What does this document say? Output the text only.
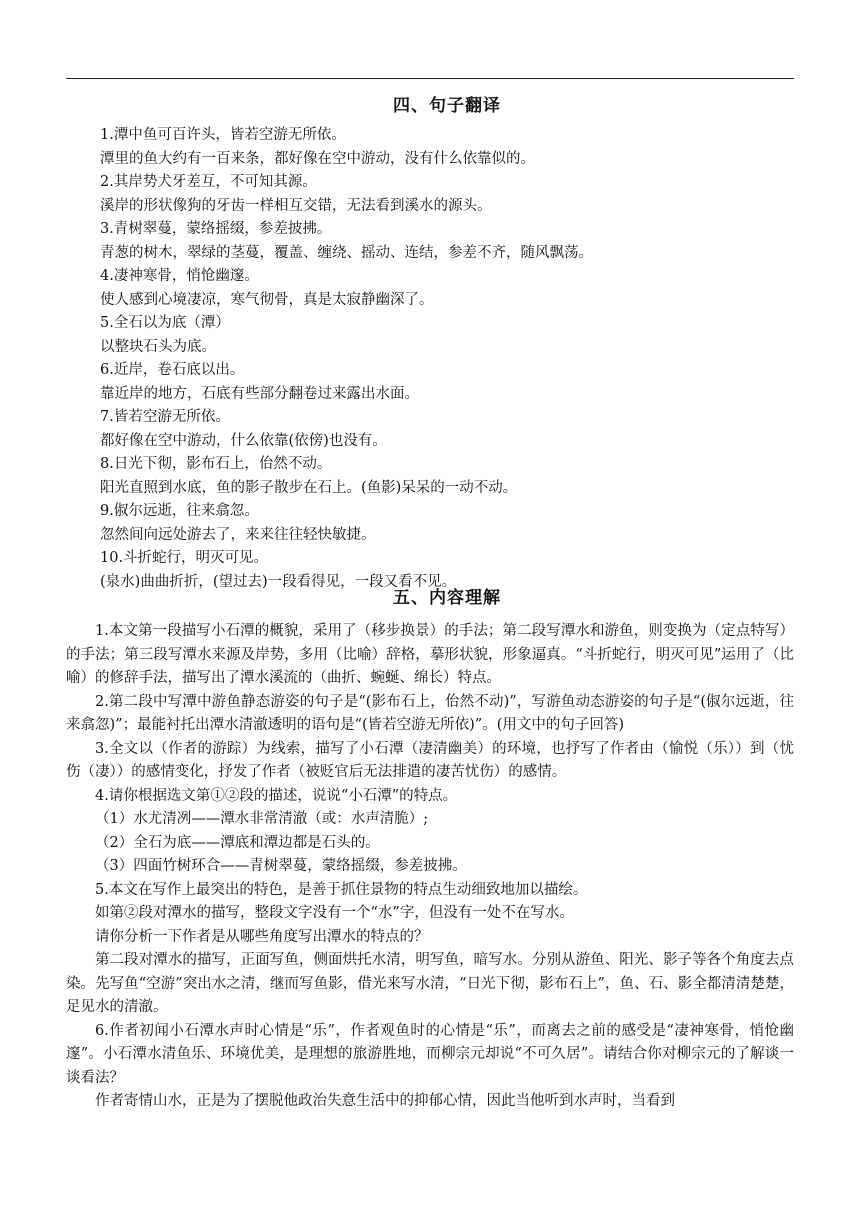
四、句子翻译

1.潭中鱼可百许头，皆若空游无所依。

潭里的鱼大约有一百来条，都好像在空中游动，没有什么依靠似的。

2.其岸势犬牙差互，不可知其源。

溪岸的形状像狗的牙齿一样相互交错，无法看到溪水的源头。

3.青树翠蔓，蒙络摇缀，参差披拂。

青葱的树木，翠绿的茎蔓，覆盖、缠绕、摇动、连结，参差不齐，随风飘荡。

4.凄神寒骨，悄怆幽邃。

使人感到心境凄凉，寒气彻骨，真是太寂静幽深了。

5.全石以为底（潭）

以整块石头为底。

6.近岸，卷石底以出。

靠近岸的地方，石底有些部分翻卷过来露出水面。

7.皆若空游无所依。

都好像在空中游动，什么依靠(依傍)也没有。

8.日光下彻，影布石上，佁然不动。

阳光直照到水底，鱼的影子散步在石上。(鱼影)呆呆的一动不动。

9.俶尔远逝，往来翕忽。

忽然间向远处游去了，来来往往轻快敏捷。

10.斗折蛇行，明灭可见。

(泉水)曲曲折折，(望过去)一段看得见，一段又看不见。

五、内容理解

1.本文第一段描写小石潭的概貌，采用了（移步换景）的手法；第二段写潭水和游鱼，则变换为（定点特写）的手法；第三段写潭水来源及岸势，多用（比喻）辞格，摹形状貌，形象逼真。“斗折蛇行，明灭可见”运用了（比喻）的修辞手法，描写出了潭水溪流的（曲折、蜿蜒、绵长）特点。

2.第二段中写潭中游鱼静态游姿的句子是“(影布石上，佁然不动)”，写游鱼动态游姿的句子是“(俶尔远逝，往来翕忽)”；最能衬托出潭水清澈透明的语句是“(皆若空游无所依)”。(用文中的句子回答)

3.全文以（作者的游踪）为线索，描写了小石潭（凄清幽美）的环境，也抒写了作者由（愉悦（乐））到（忧伤（凄））的感情变化，抒发了作者（被贬官后无法排遣的凄苦忧伤）的感情。

4.请你根据选文第①②段的描述，说说“小石潭”的特点。

（1）水尤清冽——潭水非常清澈（或：水声清脆）;

（2）全石为底——潭底和潭边都是石头的。

（3）四面竹树环合——青树翠蔓，蒙络摇缀，参差披拂。

5.本文在写作上最突出的特色，是善于抓住景物的特点生动细致地加以描绘。

如第②段对潭水的描写，整段文字没有一个“水”字，但没有一处不在写水。

请你分析一下作者是从哪些角度写出潭水的特点的？

第二段对潭水的描写，正面写鱼，侧面烘托水清，明写鱼，暗写水。分别从游鱼、阳光、影子等各个角度去点染。先写鱼“空游”突出水之清，继而写鱼影，借光来写水清，“日光下彻，影布石上”，鱼、石、影全都清清楚楚，足见水的清澈。

6.作者初闻小石潭水声时心情是“乐”，作者观鱼时的心情是“乐”，而离去之前的感受是“凄神寒骨，悄怆幽邃”。小石潭水清鱼乐、环境优美，是理想的旅游胜地，而柳宗元却说“不可久居”。请结合你对柳宗元的了解谈一谈看法？

作者寄情山水，正是为了摆脱他政治失意生活中的抑郁心情，因此当他听到水声时，当看到
